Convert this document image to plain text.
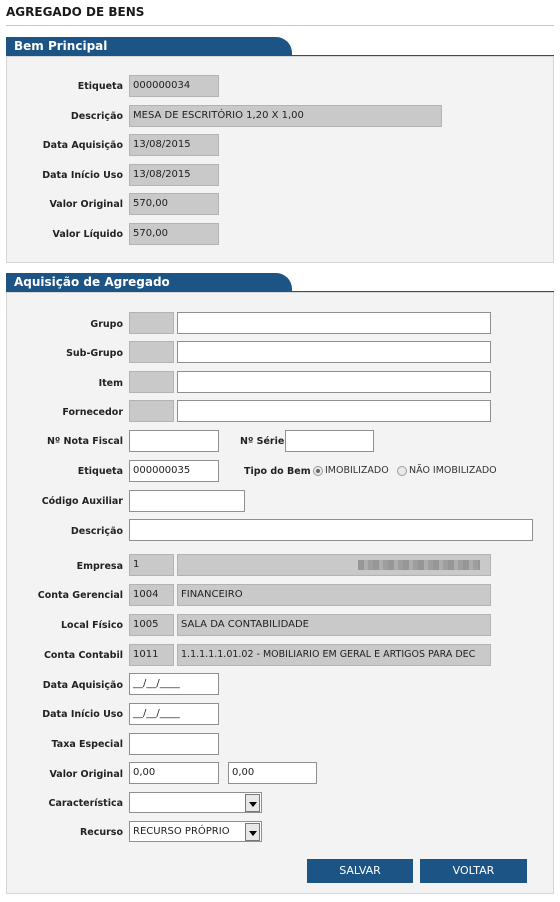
AGREGADO DE BENS
Bem Principal
Etiqueta	000000034
Descrição	MESA DE ESCRITÓRIO 1,20 X 1,00
Data Aquisição	13/08/2015
Data Início Uso	13/08/2015
Valor Original	570,00
Valor Líquido	570,00
Aquisição de Agregado
Grupo
Sub-Grupo
Item
Fornecedor
Nº Nota Fiscal	Nº Série
Etiqueta	000000035	Tipo do Bem IMOBILIZADO NÃO IMOBILIZADO
Código Auxiliar
Descrição
Empresa	1
Conta Gerencial	1004	FINANCEIRO
Local Físico	1005	SALA DA CONTABILIDADE
Conta Contabil	1011	1.1.1.1.1.01.02 - MOBILIARIO EM GERAL E ARTIGOS PARA DEC
Data Aquisição	__/__/____
Data Início Uso	__/__/____
Taxa Especial
Valor Original	0,00	0,00
Característica
Recurso	RECURSO PRÓPRIO
SALVAR	VOLTAR
